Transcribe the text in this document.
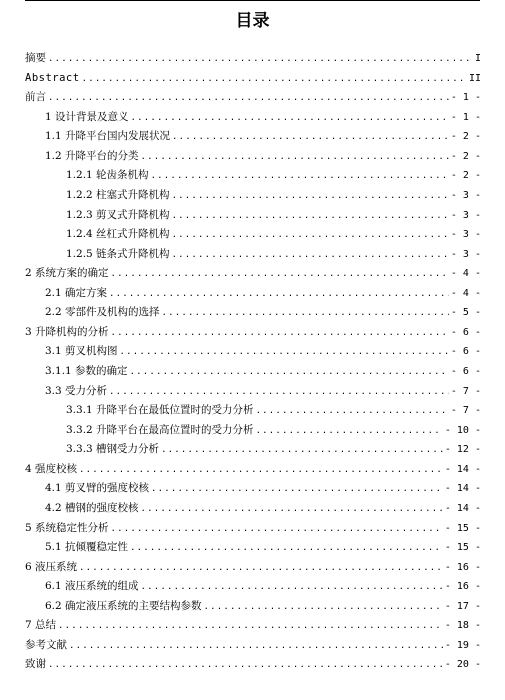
目录
摘要 .....	I
Abstract .....	II
前言 .....	- 1 -
1 设计背景及意义 .....	- 1 -
1.1 升降平台国内发展状况 .....	- 2 -
1.2 升降平台的分类 .....	- 2 -
1.2.1 轮齿条机构 .....	- 2 -
1.2.2 柱塞式升降机构 .....	- 3 -
1.2.3 剪叉式升降机构 .....	- 3 -
1.2.4 丝杠式升降机构 .....	- 3 -
1.2.5 链条式升降机构 .....	- 3 -
2 系统方案的确定 .....	- 4 -
2.1 确定方案 .....	- 4 -
2.2 零部件及机构的选择 .....	- 5 -
3 升降机构的分析 .....	- 6 -
3.1 剪叉机构图 .....	- 6 -
3.1.1 参数的确定 .....	- 6 -
3.3 受力分析 .....	- 7 -
3.3.1 升降平台在最低位置时的受力分析 .....	- 7 -
3.3.2 升降平台在最高位置时的受力分析 .....	- 10 -
3.3.3 槽钢受力分析 .....	- 12 -
4 强度校核 .....	- 14 -
4.1 剪叉臂的强度校核 .....	- 14 -
4.2 槽钢的强度校核 .....	- 14 -
5 系统稳定性分析 .....	- 15 -
5.1 抗倾覆稳定性 .....	- 15 -
6 液压系统 .....	- 16 -
6.1 液压系统的组成 .....	- 16 -
6.2 确定液压系统的主要结构参数 .....	- 17 -
7 总结 .....	- 18 -
参考文献 .....	- 19 -
致谢 .....	- 20 -
